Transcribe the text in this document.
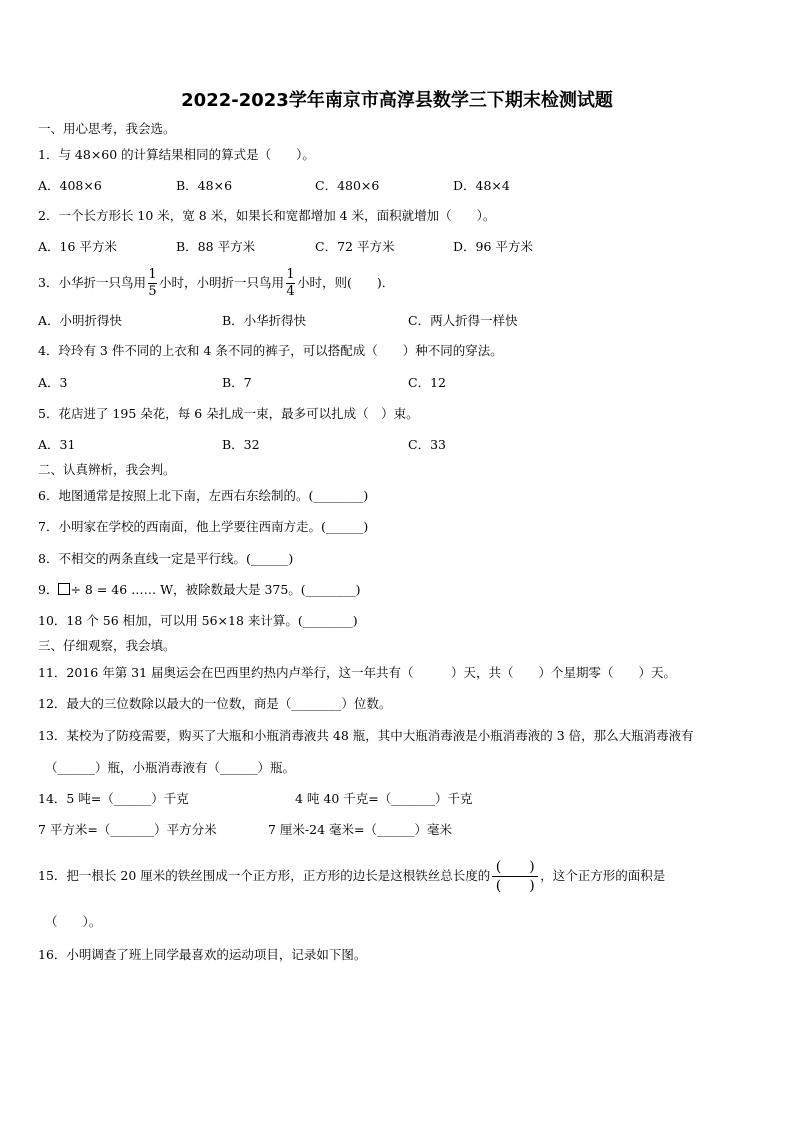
2022-2023学年南京市高淳县数学三下期末检测试题
一、用心思考，我会选。
1．与 48×60 的计算结果相同的算式是（　　）。
A．408×6	B．48×6	C．480×6	D．48×4
2．一个长方形长 10 米，宽 8 米，如果长和宽都增加 4 米，面积就增加（　　）。
A．16 平方米	B．88 平方米	C．72 平方米	D．96 平方米
3．小华折一只鸟用 $\frac{1}{5}$ 小时，小明折一只鸟用 $\frac{1}{4}$ 小时，则(　　)．
A．小明折得快	B．小华折得快	C．两人折得一样快
4．玲玲有 3 件不同的上衣和 4 条不同的裤子，可以搭配成（　　）种不同的穿法。
A．3	B．7	C．12
5．花店进了 195 朵花，每 6 朵扎成一束，最多可以扎成（　）束。
A．31	B．32	C．33
二、认真辨析，我会判。
6．地图通常是按照上北下南，左西右东绘制的。(________)
7．小明家在学校的西南面，他上学要往西南方走。(______)
8．不相交的两条直线一定是平行线。(______)
9． ÷ 8 = 46 …… W，被除数最大是 375。(________)
10．18 个 56 相加，可以用 56×18 来计算。(________)
三、仔细观察，我会填。
11．2016 年第 31 届奥运会在巴西里约热内卢举行，这一年共有（　　　）天，共（　　）个星期零（　　）天。
12．最大的三位数除以最大的一位数，商是（________）位数。
13．某校为了防疫需要，购买了大瓶和小瓶消毒液共 48 瓶，其中大瓶消毒液是小瓶消毒液的 3 倍，那么大瓶消毒液有
（______）瓶，小瓶消毒液有（______）瓶。
14．5 吨=（______）千克	4 吨 40 千克=（_______）千克
7 平方米=（_______）平方分米	7 厘米-24 毫米=（______）毫米
15．把一根长 20 厘米的铁丝围成一个正方形，正方形的边长是这根铁丝总长度的 $\frac{( )}{( )}$ ，这个正方形的面积是
（　　）。
16．小明调查了班上同学最喜欢的运动项目，记录如下图。
